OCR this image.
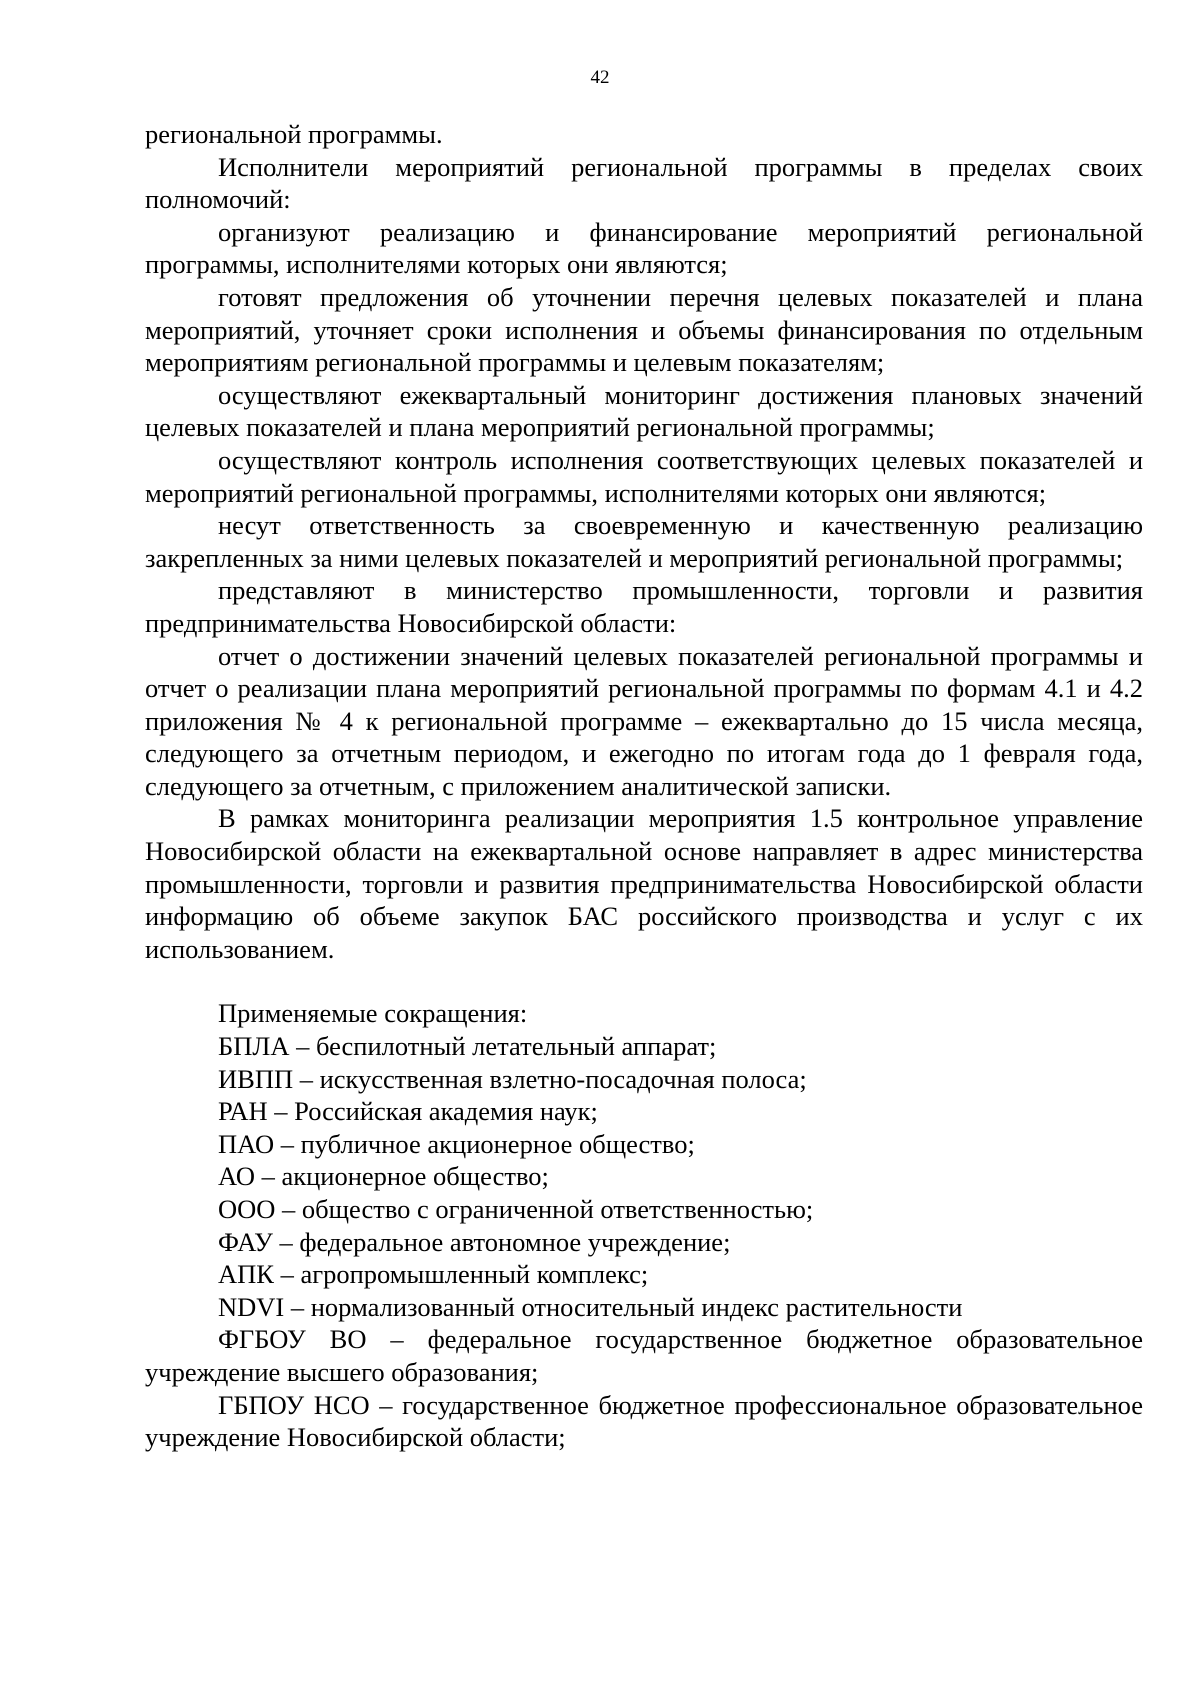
42

региональной программы.

Исполнители мероприятий региональной программы в пределах своих полномочий:

организуют реализацию и финансирование мероприятий региональной программы, исполнителями которых они являются;

готовят предложения об уточнении перечня целевых показателей и плана мероприятий, уточняет сроки исполнения и объемы финансирования по отдельным мероприятиям региональной программы и целевым показателям;

осуществляют ежеквартальный мониторинг достижения плановых значений целевых показателей и плана мероприятий региональной программы;

осуществляют контроль исполнения соответствующих целевых показателей и мероприятий региональной программы, исполнителями которых они являются;

несут ответственность за своевременную и качественную реализацию закрепленных за ними целевых показателей и мероприятий региональной программы;

представляют в министерство промышленности, торговли и развития предпринимательства Новосибирской области:

отчет о достижении значений целевых показателей региональной программы и отчет о реализации плана мероприятий региональной программы по формам 4.1 и 4.2 приложения № 4 к региональной программе – ежеквартально до 15 числа месяца, следующего за отчетным периодом, и ежегодно по итогам года до 1 февраля года, следующего за отчетным, с приложением аналитической записки.

В рамках мониторинга реализации мероприятия 1.5 контрольное управление Новосибирской области на ежеквартальной основе направляет в адрес министерства промышленности, торговли и развития предпринимательства Новосибирской области информацию об объеме закупок БАС российского производства и услуг с их использованием.

Применяемые сокращения:

БПЛА – беспилотный летательный аппарат;

ИВПП – искусственная взлетно-посадочная полоса;

РАН – Российская академия наук;

ПАО – публичное акционерное общество;

АО – акционерное общество;

ООО – общество с ограниченной ответственностью;

ФАУ – федеральное автономное учреждение;

АПК – агропромышленный комплекс;

NDVI – нормализованный относительный индекс растительности

ФГБОУ ВО – федеральное государственное бюджетное образовательное учреждение высшего образования;

ГБПОУ НСО – государственное бюджетное профессиональное образовательное учреждение Новосибирской области;
